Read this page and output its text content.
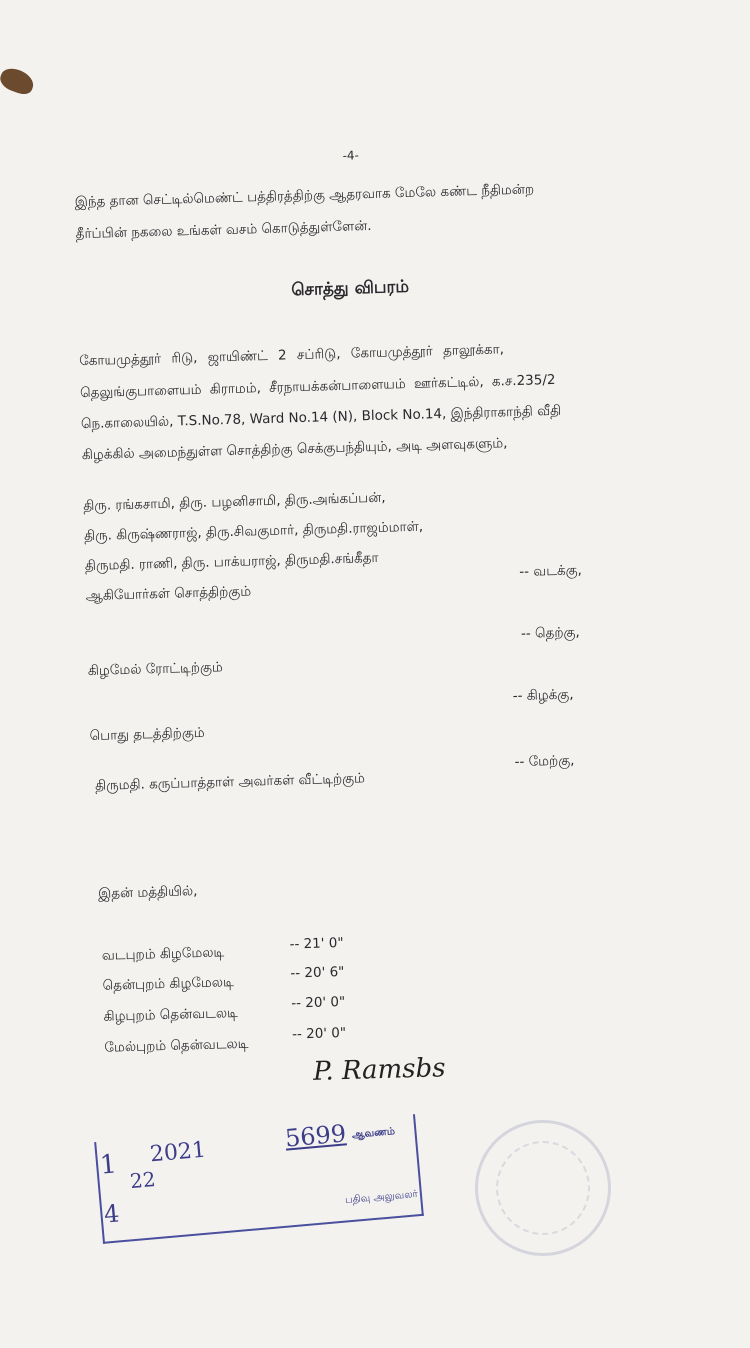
-4-
இந்த தான செட்டில்மெண்ட் பத்திரத்திற்கு ஆதரவாக மேலே கண்ட நீதிமன்ற
தீர்ப்பின் நகலை உங்கள் வசம் கொடுத்துள்ளேன்.
சொத்து விபரம்
கோயமுத்தூர் ரிடு, ஜாயிண்ட் 2 சப்ரிடு, கோயமுத்தூர் தாலூக்கா,
தெலுங்குபாளையம் கிராமம், சீரநாயக்கன்பாளையம் ஊர்கட்டில், க.ச.235/2
நெ.காலையில், T.S.No.78, Ward No.14 (N), Block No.14, இந்திராகாந்தி வீதி
கிழக்கில் அமைந்துள்ள சொத்திற்கு செக்குபந்தியும், அடி அளவுகளும்,
திரு. ரங்கசாமி, திரு. பழனிசாமி, திரு.அங்கப்பன்,
திரு. கிருஷ்ணராஜ், திரு.சிவகுமார், திருமதி.ராஜம்மாள்,
திருமதி. ராணி, திரு. பாக்யராஜ், திருமதி.சங்கீதா
ஆகியோர்கள் சொத்திற்கும்
-- வடக்கு,
-- தெற்கு,
கிழமேல் ரோட்டிற்கும்
-- கிழக்கு,
பொது தடத்திற்கும்
-- மேற்கு,
திருமதி. கருப்பாத்தாள் அவர்கள் வீட்டிற்கும்
இதன் மத்தியில்,
வடபுறம் கிழமேலடி
-- 21' 0"
தென்புறம் கிழமேலடி
-- 20' 6"
கிழபுறம் தென்வடலடி
-- 20' 0"
மேல்புறம் தென்வடலடி
-- 20' 0"
P. Ramsbs
1 2021	5699 ஆவணம்
22
4
பதிவு அலுவலர்
